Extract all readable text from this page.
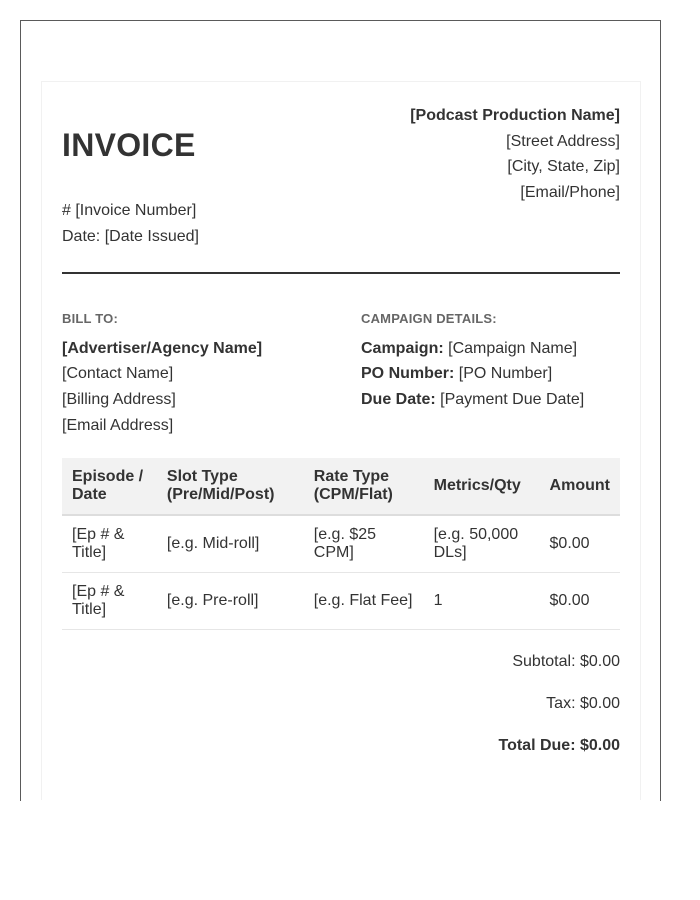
INVOICE
# [Invoice Number]
Date: [Date Issued]
[Podcast Production Name]
[Street Address]
[City, State, Zip]
[Email/Phone]
BILL TO:
[Advertiser/Agency Name]
[Contact Name]
[Billing Address]
[Email Address]
CAMPAIGN DETAILS:
Campaign: [Campaign Name]
PO Number: [PO Number]
Due Date: [Payment Due Date]
Episode / Date	Slot Type (Pre/Mid/Post)	Rate Type (CPM/Flat)	Metrics/Qty	Amount
[Ep # & Title]	[e.g. Mid-roll]	[e.g. $25 CPM]	[e.g. 50,000 DLs]	$0.00
[Ep # & Title]	[e.g. Pre-roll]	[e.g. Flat Fee]	1	$0.00
Subtotal: $0.00
Tax: $0.00
Total Due: $0.00
